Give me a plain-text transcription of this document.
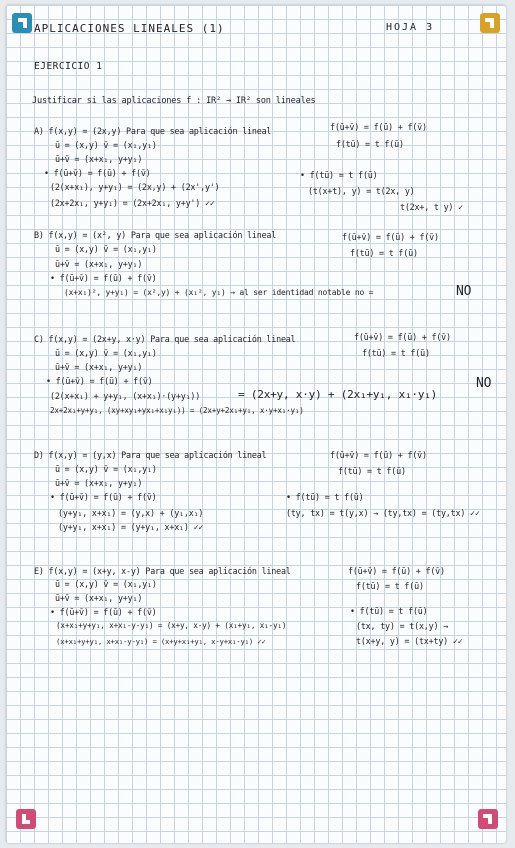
APLICACIONES LINEALES (1)	HOJA 3
EJERCICIO 1
Justificar si las aplicaciones f : IR² → IR² son lineales
A) f(x,y) = (2x,y) Para que sea aplicación lineal	f(ū+v̄) = f(ū) + f(v̄)
f(tū) = t f(ū)
ū = (x,y) v̄ = (x₁,y₁)
ū+v̄ = (x+x₁, y+y₁)
• f(ū+v̄) = f(ū) + f(v̄)
(2(x+x₁), y+y₁) = (2x,y) + (2x',y')
(2x+2x₁, y+y₁) = (2x+2x₁, y+y') ✓✓
• f(tū) = t f(ū)
(t(x+t), y) = t(2x, y)
t(2x+, t y) ✓
B) f(x,y) = (x², y) Para que sea aplicación lineal	f(ū+v̄) = f(ū) + f(v̄)
f(tū) = t f(ū)
ū = (x,y) v̄ = (x₁,y₁)
ū+v̄ = (x+x₁, y+y₁)
• f(ū+v̄) = f(ū) + f(v̄)
(x+x₁)², y+y₁) = (x²,y) + (x₁², y₁) → al ser identidad notable no =	NO
C) f(x,y) = (2x+y, x·y) Para que sea aplicación lineal	f(ū+v̄) = f(ū) + f(v̄)
f(tū) = t f(ū)
ū = (x,y) v̄ = (x₁,y₁)
ū+v̄ = (x+x₁, y+y₁)
• f(ū+v̄) = f(ū) + f(v̄)
(2(x+x₁) + y+y₁, (x+x₁)·(y+y₁))	= (2x+y, x·y) + (2x₁+y₁, x₁·y₁)
NO
2x+2x₁+y+y₁, (xy+xy₁+yx₁+x₁y₁)) = (2x+y+2x₁+y₁, x·y+x₁·y₁)
D) f(x,y) = (y,x) Para que sea aplicación lineal	f(ū+v̄) = f(ū) + f(v̄)
f(tū) = t f(ū)
ū = (x,y) v̄ = (x₁,y₁)
ū+v̄ = (x+x₁, y+y₁)
• f(ū+v̄) = f(ū) + f(v̄)
(y+y₁, x+x₁) = (y,x) + (y₁,x₁)
(y+y₁, x+x₁) = (y+y₁, x+x₁) ✓✓
• f(tū) = t f(ū)
(ty, tx) = t(y,x) → (ty,tx) = (ty,tx) ✓✓
E) f(x,y) = (x+y, x-y) Para que sea aplicación lineal	f(ū+v̄) = f(ū) + f(v̄)
f(tū) = t f(ū)
ū = (x,y) v̄ = (x₁,y₁)
ū+v̄ = (x+x₁, y+y₁)
• f(ū+v̄) = f(ū) + f(v̄)
(x+x₁+y+y₁, x+x₁-y-y₁) = (x+y, x-y) + (x₁+y₁, x₁-y₁)
(x+x₁+y+y₁, x+x₁-y-y₁) = (x+y+x₁+y₁, x-y+x₁-y₁) ✓✓
• f(tū) = t f(ū)
(tx, ty) = t(x,y) →
t(x+y, y) = (tx+ty) ✓✓
